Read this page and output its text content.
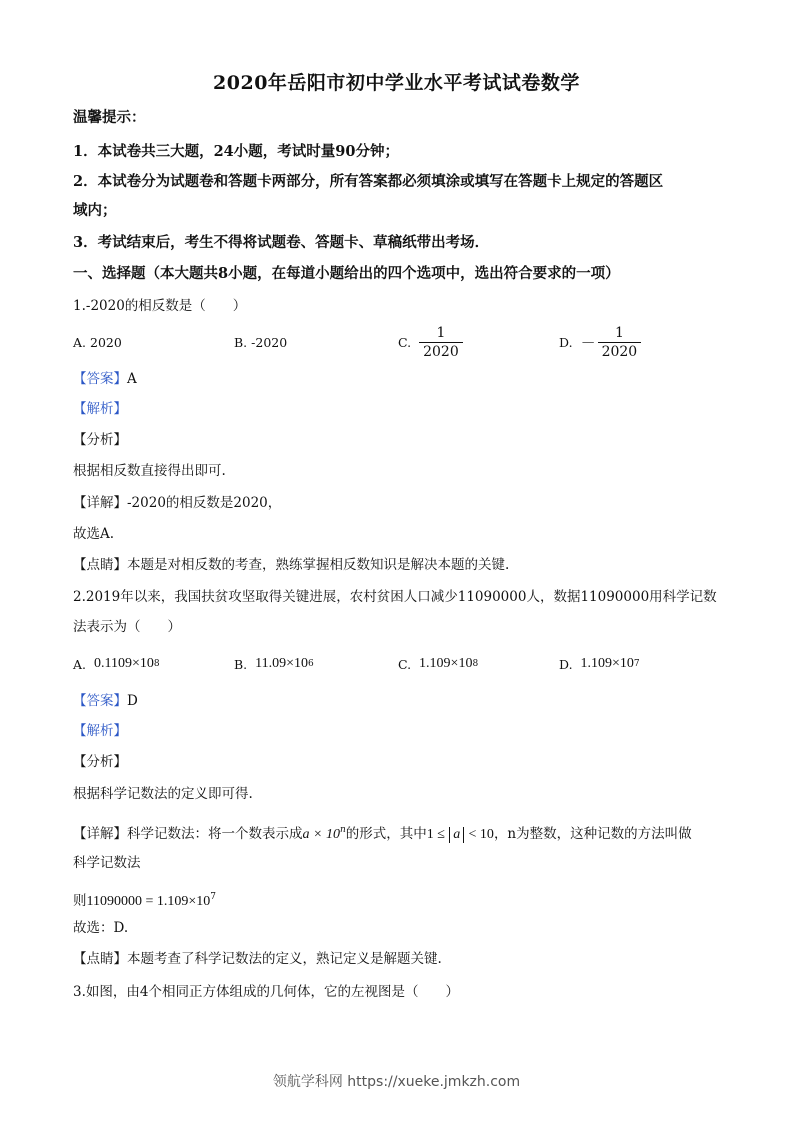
2020年岳阳市初中学业水平考试试卷数学
温馨提示：
1．本试卷共三大题，24小题，考试时量90分钟；
2．本试卷分为试题卷和答题卡两部分，所有答案都必须填涂或填写在答题卡上规定的答题区
域内；
3．考试结束后，考生不得将试题卷、答题卡、草稿纸带出考场．
一、选择题（本大题共8小题，在每道小题给出的四个选项中，选出符合要求的一项）
1.-2020的相反数是（　　）
A.
2020	B.
-2020	C. $\frac{1}{2020}$	D. － $\frac{1}{2020}$
【答案】A
【解析】
【分析】
根据相反数直接得出即可.
【详解】-2020的相反数是2020，
故选A.
【点睛】本题是对相反数的考查，熟练掌握相反数知识是解决本题的关键.
2.2019年以来，我国扶贫攻坚取得关键进展，农村贫困人口减少11090000人，数据11090000用科学记数
法表示为（　　）
A.
0.1109×10 8	B.
11.09×10 6	C.
1.109×10 8	D.
1.109×10 7
【答案】D
【解析】
【分析】
根据科学记数法的定义即可得.
【详解】科学记数法：将一个数表示成$a \times 10^n$的形式，其中1 ≤ a < 10，n为整数，这种记数的方法叫做
科学记数法
则$11090000 = 1.109\times 10^7$
故选：D.
【点睛】本题考查了科学记数法的定义，熟记定义是解题关键.
3.如图，由4个相同正方体组成的几何体，它的左视图是（　　）
领航学科网 https://xueke.jmkzh.com
